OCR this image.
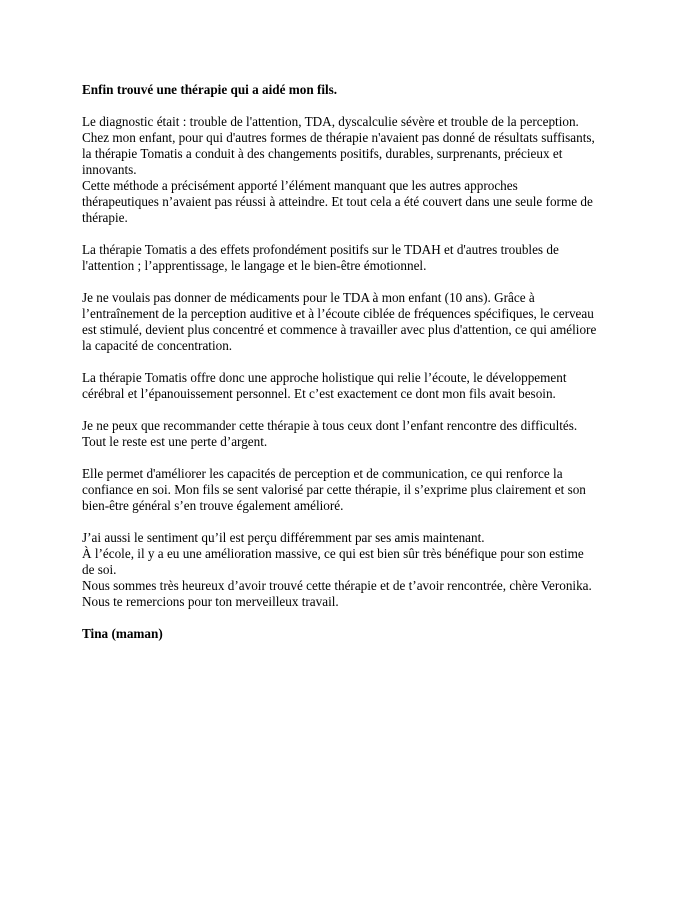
Enfin trouvé une thérapie qui a aidé mon fils.

Le diagnostic était : trouble de l'attention, TDA, dyscalculie sévère et trouble de la perception.
Chez mon enfant, pour qui d'autres formes de thérapie n'avaient pas donné de résultats suffisants,
la thérapie Tomatis a conduit à des changements positifs, durables, surprenants, précieux et
innovants.
Cette méthode a précisément apporté l’élément manquant que les autres approches
thérapeutiques n’avaient pas réussi à atteindre. Et tout cela a été couvert dans une seule forme de
thérapie.

La thérapie Tomatis a des effets profondément positifs sur le TDAH et d'autres troubles de
l'attention ; l’apprentissage, le langage et le bien-être émotionnel.

Je ne voulais pas donner de médicaments pour le TDA à mon enfant (10 ans). Grâce à
l’entraînement de la perception auditive et à l’écoute ciblée de fréquences spécifiques, le cerveau
est stimulé, devient plus concentré et commence à travailler avec plus d'attention, ce qui améliore
la capacité de concentration.

La thérapie Tomatis offre donc une approche holistique qui relie l’écoute, le développement
cérébral et l’épanouissement personnel. Et c’est exactement ce dont mon fils avait besoin.

Je ne peux que recommander cette thérapie à tous ceux dont l’enfant rencontre des difficultés.
Tout le reste est une perte d’argent.

Elle permet d'améliorer les capacités de perception et de communication, ce qui renforce la
confiance en soi. Mon fils se sent valorisé par cette thérapie, il s’exprime plus clairement et son
bien-être général s’en trouve également amélioré.

J’ai aussi le sentiment qu’il est perçu différemment par ses amis maintenant.
À l’école, il y a eu une amélioration massive, ce qui est bien sûr très bénéfique pour son estime
de soi.
Nous sommes très heureux d’avoir trouvé cette thérapie et de t’avoir rencontrée, chère Veronika.
Nous te remercions pour ton merveilleux travail.

Tina (maman)
